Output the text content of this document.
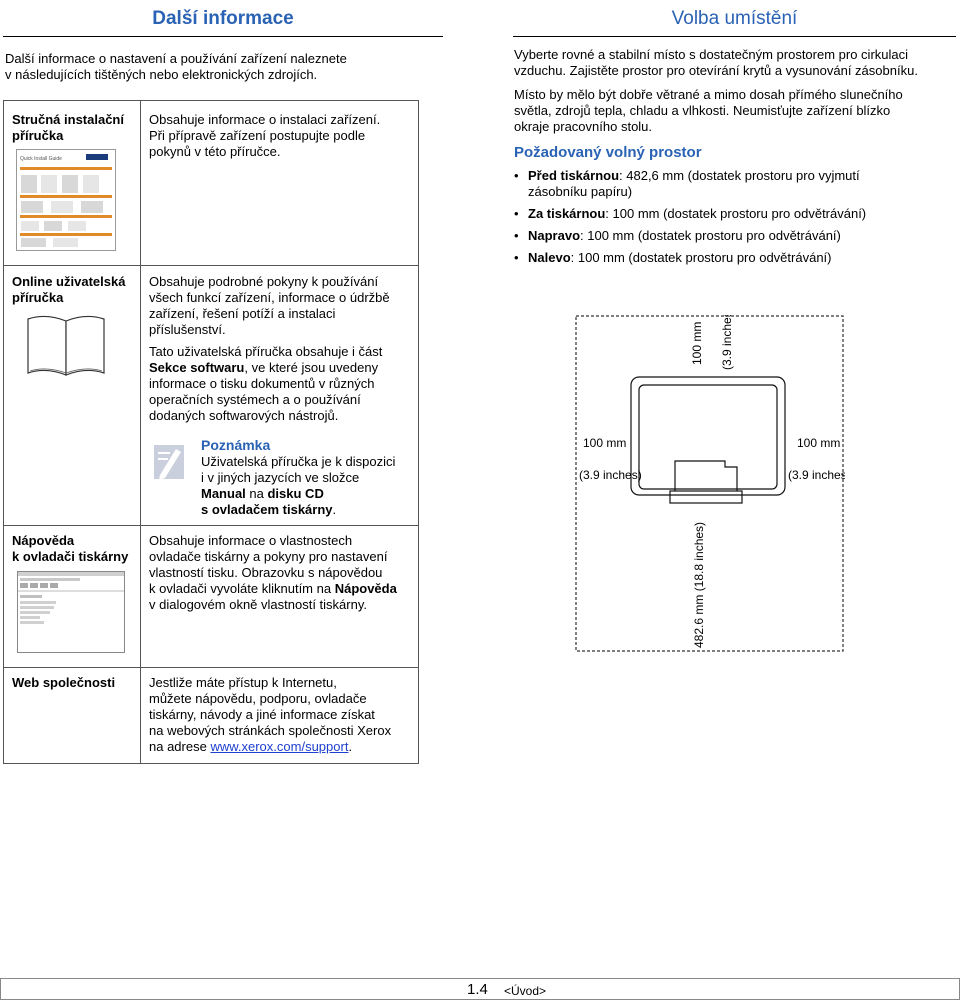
Další informace

Další informace o nastavení a používání zařízení naleznete

v následujících tištěných nebo elektronických zdrojích.

Stručná instalační
příručka
Quick Install Guide
Obsahuje informace o instalaci zařízení.
Při přípravě zařízení postupujte podle
pokynů v této příručce.
Online uživatelská
příručka
Obsahuje podrobné pokyny k používání
všech funkcí zařízení, informace o údržbě
zařízení, řešení potíží a instalaci
příslušenství.
Tato uživatelská příručka obsahuje i část
Sekce softwaru, ve které jsou uvedeny
informace o tisku dokumentů v různých
operačních systémech a o používání
dodaných softwarových nástrojů.
Poznámka
Uživatelská příručka je k dispozici
i v jiných jazycích ve složce
Manual na disku CD
s ovladačem tiskárny.
Nápověda
k ovladači tiskárny
Obsahuje informace o vlastnostech
ovladače tiskárny a pokyny pro nastavení
vlastností tisku. Obrazovku s nápovědou
k ovladači vyvoláte kliknutím na Nápověda
v dialogovém okně vlastností tiskárny.
Web společnosti	Jestliže máte přístup k Internetu,
můžete nápovědu, podporu, ovladače
tiskárny, návody a jiné informace získat
na webových stránkách společnosti Xerox
na adrese www.xerox.com/support.
Volba umístění

Vyberte rovné a stabilní místo s dostatečným prostorem pro cirkulaci

vzduchu. Zajistěte prostor pro otevírání krytů a vysunování zásobníku.

Místo by mělo být dobře větrané a mimo dosah přímého slunečního

světla, zdrojů tepla, chladu a vlhkosti. Neumisťujte zařízení blízko

okraje pracovního stolu.

Požadovaný volný prostor
• Před tiskárnou: 482,6 mm (dostatek prostoru pro vyjmutí
zásobníku papíru)
• Za tiskárnou: 100 mm (dostatek prostoru pro odvětrávání)
• Napravo: 100 mm (dostatek prostoru pro odvětrávání)
• Nalevo: 100 mm (dostatek prostoru pro odvětrávání)
100 mm (3.9 inches)
100 mm
(3.9 inches)
100 mm
(3.9 inches)
482.6 mm (18.8 inches)
1.4 <Úvod>
